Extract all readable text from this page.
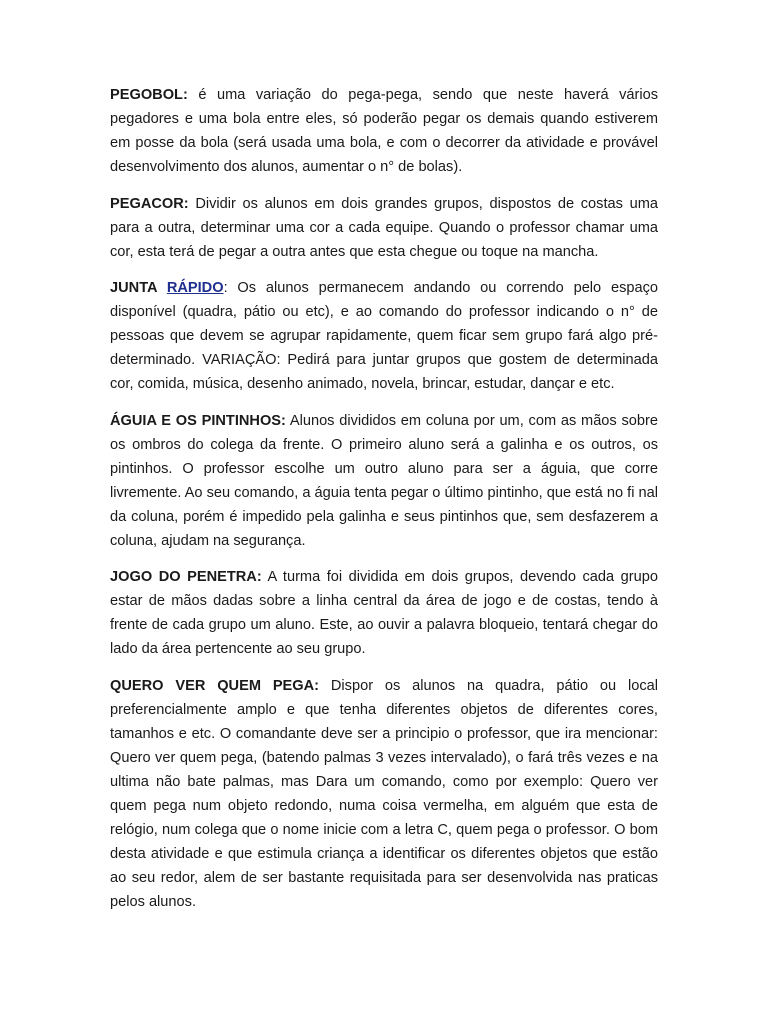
PEGOBOL: é uma variação do pega-pega, sendo que neste haverá vários pegadores e uma bola entre eles, só poderão pegar os demais quando estiverem em posse da bola (será usada uma bola, e com o decorrer da atividade e provável desenvolvimento dos alunos, aumentar o n° de bolas).

PEGACOR: Dividir os alunos em dois grandes grupos, dispostos de costas uma para a outra, determinar uma cor a cada equipe. Quando o professor chamar uma cor, esta terá de pegar a outra antes que esta chegue ou toque na mancha.

JUNTA RÁPIDO: Os alunos permanecem andando ou correndo pelo espaço disponível (quadra, pátio ou etc), e ao comando do professor indicando o n° de pessoas que devem se agrupar rapidamente, quem ficar sem grupo fará algo pré-determinado. VARIAÇÃO: Pedirá para juntar grupos que gostem de determinada cor, comida, música, desenho animado, novela, brincar, estudar, dançar e etc.

ÁGUIA E OS PINTINHOS: Alunos divididos em coluna por um, com as mãos sobre os ombros do colega da frente. O primeiro aluno será a galinha e os outros, os pintinhos. O professor escolhe um outro aluno para ser a águia, que corre livremente. Ao seu comando, a águia tenta pegar o último pintinho, que está no fi nal da coluna, porém é impedido pela galinha e seus pintinhos que, sem desfazerem a coluna, ajudam na segurança.

JOGO DO PENETRA: A turma foi dividida em dois grupos, devendo cada grupo estar de mãos dadas sobre a linha central da área de jogo e de costas, tendo à frente de cada grupo um aluno. Este, ao ouvir a palavra bloqueio, tentará chegar do lado da área pertencente ao seu grupo.

QUERO VER QUEM PEGA: Dispor os alunos na quadra, pátio ou local preferencialmente amplo e que tenha diferentes objetos de diferentes cores, tamanhos e etc. O comandante deve ser a principio o professor, que ira mencionar: Quero ver quem pega, (batendo palmas 3 vezes intervalado), o fará três vezes e na ultima não bate palmas, mas Dara um comando, como por exemplo: Quero ver quem pega num objeto redondo, numa coisa vermelha, em alguém que esta de relógio, num colega que o nome inicie com a letra C, quem pega o professor. O bom desta atividade e que estimula criança a identificar os diferentes objetos que estão ao seu redor, alem de ser bastante requisitada para ser desenvolvida nas praticas pelos alunos.
